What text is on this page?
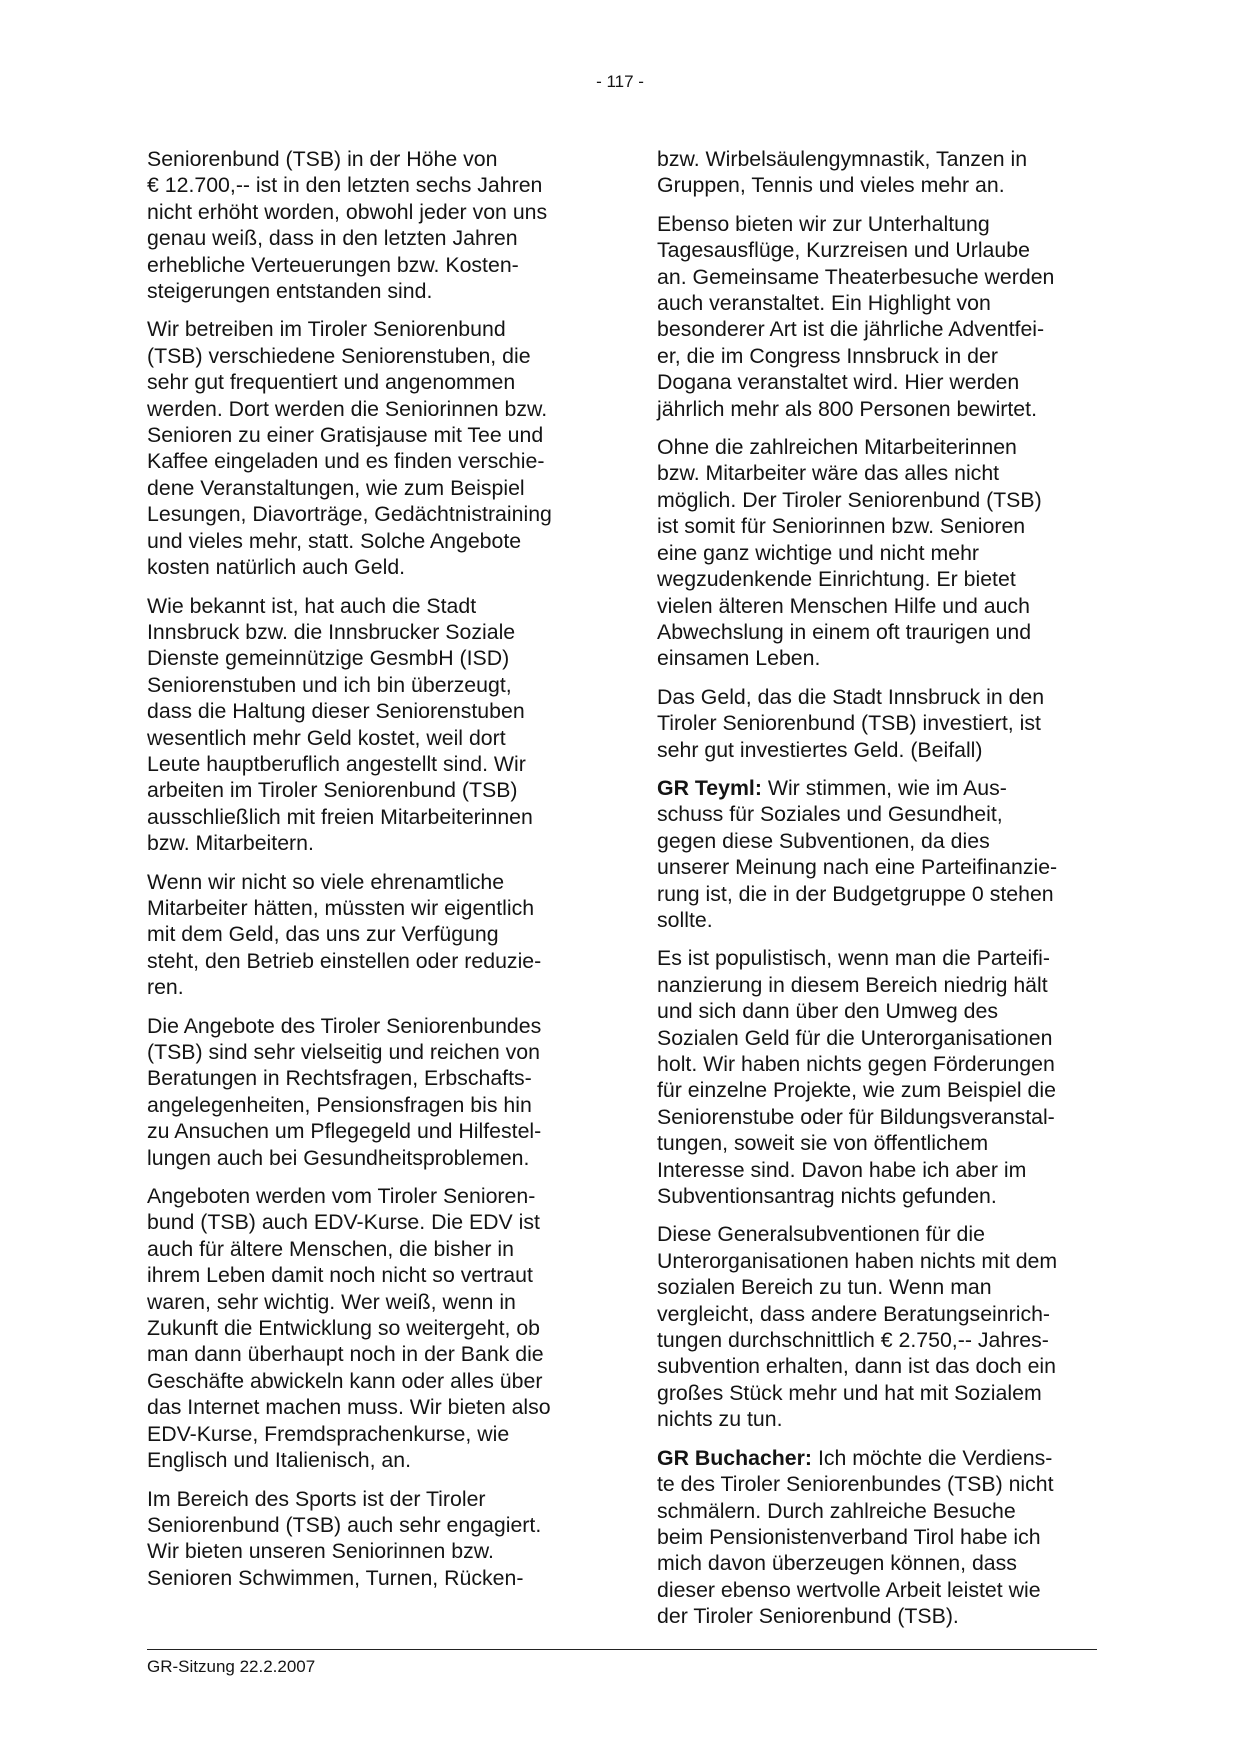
- 117 -

Seniorenbund (TSB) in der Höhe von
€ 12.700,-- ist in den letzten sechs Jahren
nicht erhöht worden, obwohl jeder von uns
genau weiß, dass in den letzten Jahren
erhebliche Verteuerungen bzw. Kosten-
steigerungen entstanden sind.

Wir betreiben im Tiroler Seniorenbund
(TSB) verschiedene Seniorenstuben, die
sehr gut frequentiert und angenommen
werden. Dort werden die Seniorinnen bzw.
Senioren zu einer Gratisjause mit Tee und
Kaffee eingeladen und es finden verschie-
dene Veranstaltungen, wie zum Beispiel
Lesungen, Diavorträge, Gedächtnistraining
und vieles mehr, statt. Solche Angebote
kosten natürlich auch Geld.

Wie bekannt ist, hat auch die Stadt
Innsbruck bzw. die Innsbrucker Soziale
Dienste gemeinnützige GesmbH (ISD)
Seniorenstuben und ich bin überzeugt,
dass die Haltung dieser Seniorenstuben
wesentlich mehr Geld kostet, weil dort
Leute hauptberuflich angestellt sind. Wir
arbeiten im Tiroler Seniorenbund (TSB)
ausschließlich mit freien Mitarbeiterinnen
bzw. Mitarbeitern.

Wenn wir nicht so viele ehrenamtliche
Mitarbeiter hätten, müssten wir eigentlich
mit dem Geld, das uns zur Verfügung
steht, den Betrieb einstellen oder reduzie-
ren.

Die Angebote des Tiroler Seniorenbundes
(TSB) sind sehr vielseitig und reichen von
Beratungen in Rechtsfragen, Erbschafts-
angelegenheiten, Pensionsfragen bis hin
zu Ansuchen um Pflegegeld und Hilfestel-
lungen auch bei Gesundheitsproblemen.

Angeboten werden vom Tiroler Senioren-
bund (TSB) auch EDV-Kurse. Die EDV ist
auch für ältere Menschen, die bisher in
ihrem Leben damit noch nicht so vertraut
waren, sehr wichtig. Wer weiß, wenn in
Zukunft die Entwicklung so weitergeht, ob
man dann überhaupt noch in der Bank die
Geschäfte abwickeln kann oder alles über
das Internet machen muss. Wir bieten also
EDV-Kurse, Fremdsprachenkurse, wie
Englisch und Italienisch, an.

Im Bereich des Sports ist der Tiroler
Seniorenbund (TSB) auch sehr engagiert.
Wir bieten unseren Seniorinnen bzw.
Senioren Schwimmen, Turnen, Rücken-

bzw. Wirbelsäulengymnastik, Tanzen in
Gruppen, Tennis und vieles mehr an.

Ebenso bieten wir zur Unterhaltung
Tagesausflüge, Kurzreisen und Urlaube
an. Gemeinsame Theaterbesuche werden
auch veranstaltet. Ein Highlight von
besonderer Art ist die jährliche Adventfei-
er, die im Congress Innsbruck in der
Dogana veranstaltet wird. Hier werden
jährlich mehr als 800 Personen bewirtet.

Ohne die zahlreichen Mitarbeiterinnen
bzw. Mitarbeiter wäre das alles nicht
möglich. Der Tiroler Seniorenbund (TSB)
ist somit für Seniorinnen bzw. Senioren
eine ganz wichtige und nicht mehr
wegzudenkende Einrichtung. Er bietet
vielen älteren Menschen Hilfe und auch
Abwechslung in einem oft traurigen und
einsamen Leben.

Das Geld, das die Stadt Innsbruck in den
Tiroler Seniorenbund (TSB) investiert, ist
sehr gut investiertes Geld. (Beifall)

GR Teyml: Wir stimmen, wie im Aus-
schuss für Soziales und Gesundheit,
gegen diese Subventionen, da dies
unserer Meinung nach eine Parteifinanzie-
rung ist, die in der Budgetgruppe 0 stehen
sollte.

Es ist populistisch, wenn man die Parteifi-
nanzierung in diesem Bereich niedrig hält
und sich dann über den Umweg des
Sozialen Geld für die Unterorganisationen
holt. Wir haben nichts gegen Förderungen
für einzelne Projekte, wie zum Beispiel die
Seniorenstube oder für Bildungsveranstal-
tungen, soweit sie von öffentlichem
Interesse sind. Davon habe ich aber im
Subventionsantrag nichts gefunden.

Diese Generalsubventionen für die
Unterorganisationen haben nichts mit dem
sozialen Bereich zu tun. Wenn man
vergleicht, dass andere Beratungseinrich-
tungen durchschnittlich € 2.750,-- Jahres-
subvention erhalten, dann ist das doch ein
großes Stück mehr und hat mit Sozialem
nichts zu tun.

GR Buchacher: Ich möchte die Verdiens-
te des Tiroler Seniorenbundes (TSB) nicht
schmälern. Durch zahlreiche Besuche
beim Pensionistenverband Tirol habe ich
mich davon überzeugen können, dass
dieser ebenso wertvolle Arbeit leistet wie
der Tiroler Seniorenbund (TSB).

GR-Sitzung 22.2.2007
